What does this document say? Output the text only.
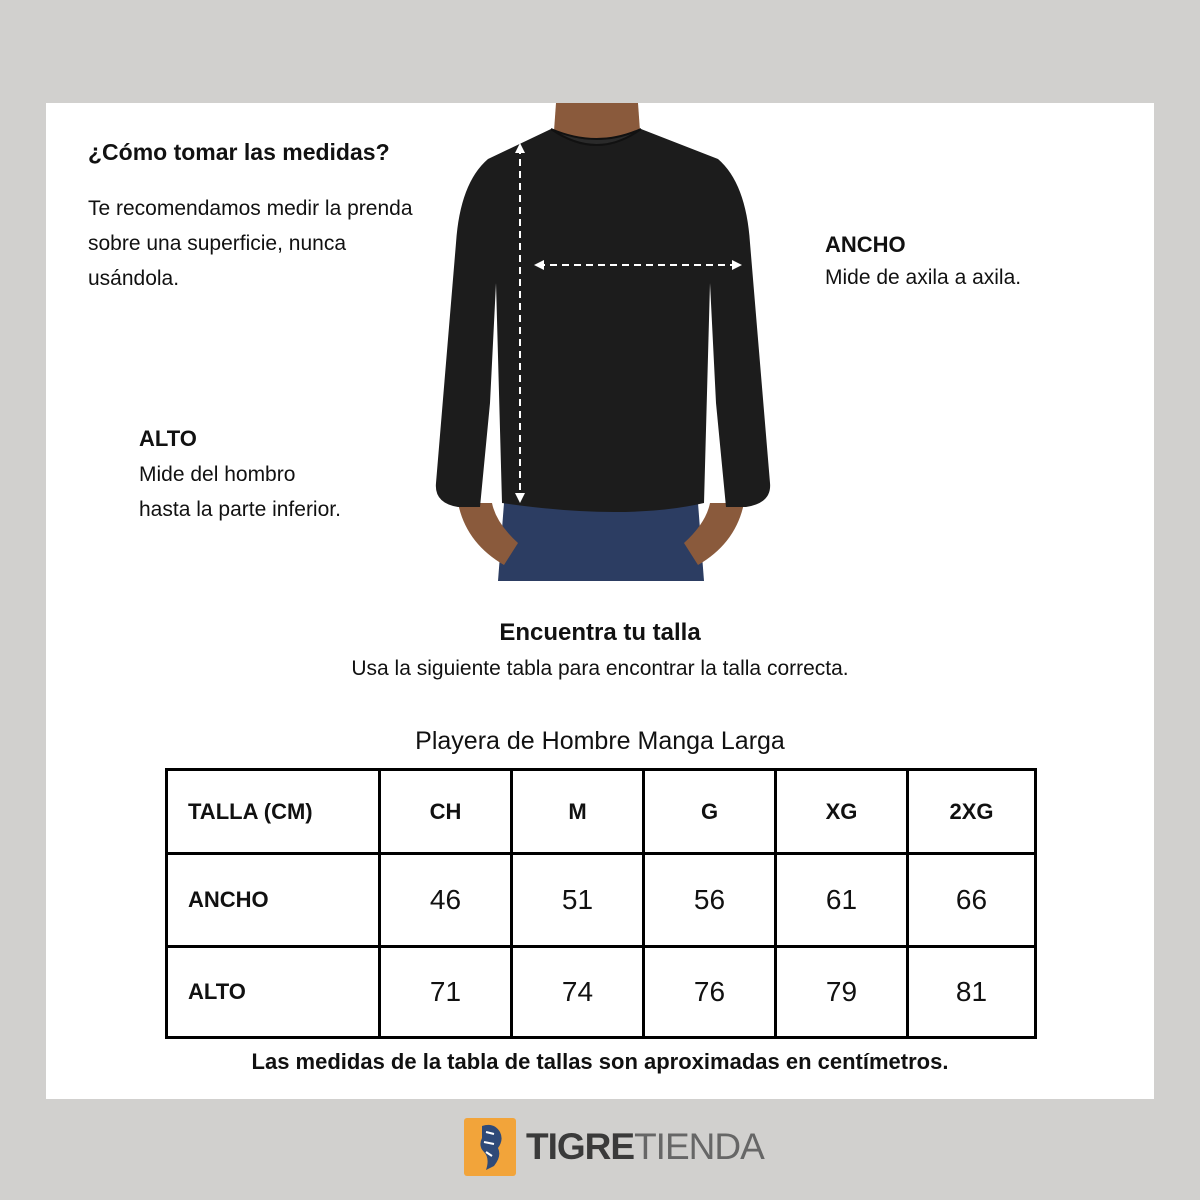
¿Cómo tomar las medidas?
Te recomendamos medir la prenda sobre una superficie, nunca usándola.
ALTO
Mide del hombro
hasta la parte inferior.
ANCHO
Mide de axila a axila.
Encuentra tu talla
Usa la siguiente tabla para encontrar la talla correcta.
Playera de Hombre Manga Larga
TALLA (CM)	CH	M	G	XG	2XG
ANCHO	46	51	56	61	66
ALTO	71	74	76	79	81
Las medidas de la tabla de tallas son aproximadas en centímetros.
TIGRETIENDA
